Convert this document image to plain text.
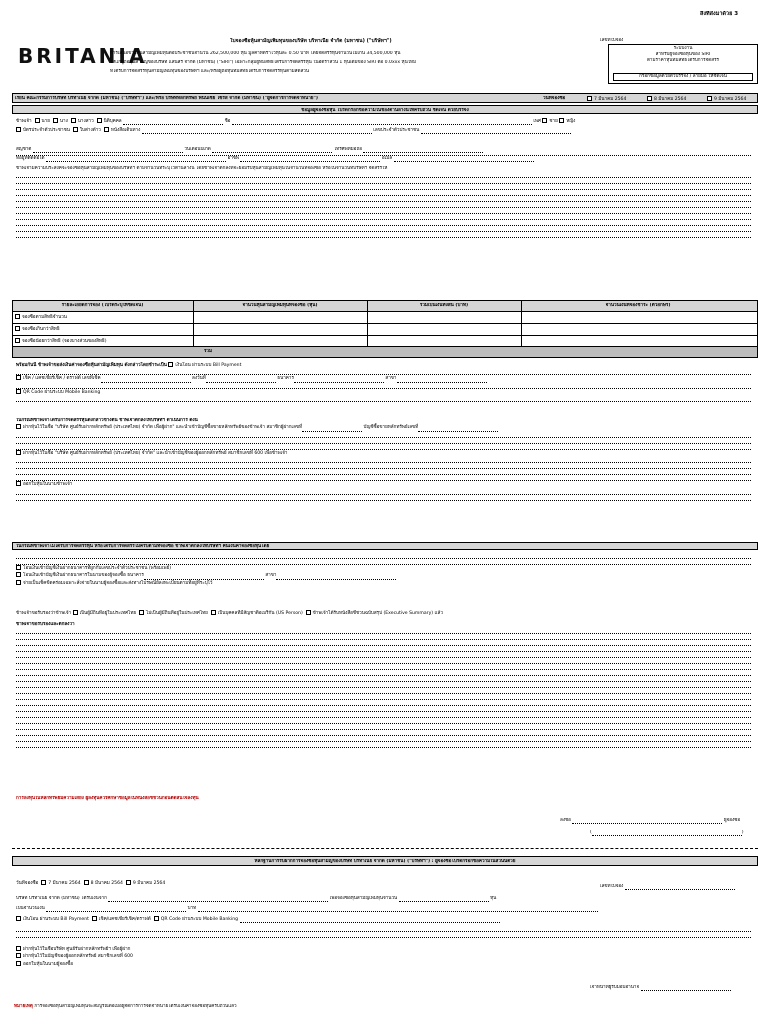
สิ่งที่ส่งมาด้วย 3
BRITANIA
ใบจองซื้อหุ้นสามัญเพิ่มทุนของบริษัท บริทาเนีย จำกัด (มหาชน) ("บริษัทฯ")	เลขที่ใบจอง
การเสนอขายหุ้นสามัญเพิ่มทุนต่อประชาชนจำนวน 262,500,000 หุ้น มูลค่าที่ตราไว้หุ้นละ 0.50 บาท โดยจัดสรรหุ้นจำนวนไม่เกิน 34,500,000 หุ้น
ให้แก่ผู้ถือหุ้นสามัญของบริษัท แสนสิริ จำกัด (มหาชน) ("SIRI") เฉพาะกลุ่มผู้ที่มีสิทธิได้รับการจัดสรรหุ้น ในอัตราส่วน 1 หุ้นเดิมของ SIRI ต่อ 0.0xxx หุ้นใหม่
ที่ได้รับการจัดสรรหุ้นสามัญเพิ่มทุนของบริษัทฯ และ/หรือผู้ถือหุ้นที่มีสิทธิได้รับการจัดสรรหุ้นตามสัดส่วน
ระบบงาน
สำหรับผู้จองซื้อหุ้นของ SIRI
ตามราคาหุ้นที่มีสิทธิได้รับการจัดสรร
กรอกข้อมูลด้วยตัวบรรจง / ลายมือ ให้ชัดเจน
เรียน คณะกรรมการบริษัท บริทาเนีย จำกัด (มหาชน) ("บริษัทฯ") และ/หรือ บริษัทหลักทรัพย์ ฟินันเซีย ไซรัส จำกัด (มหาชน) ("ผู้จัดการการจัดจำหน่าย")	วันที่จองซื้อ	7 มีนาคม 2564	8 มีนาคม 2564	9 มีนาคม 2564
ข้อมูลผู้จองซื้อหุ้น โปรดกรอกข้อความในช่องด้านล่างนี้ให้ครบถ้วน ชัดเจน ด้วยบรรจง
ข้าพเจ้า นาย นาง นางสาว นิติบุคคล	ชื่อ	เพศ ชาย หญิง
บัตรประจำตัวประชาชน ใบต่างด้าว หนังสือเดินทาง	เลขประจำตัวประชาชน
สัญชาติ	วันเดือนปีเกิด	โทรศัพท์มือถือ
ที่อยู่ที่ติดต่อได้	อาชีพ	อีเมล
ข้าพเจ้ามีความประสงค์จะจองซื้อหุ้นสามัญเพิ่มทุนของบริษัทฯ ตามจำนวนที่ระบุไว้ด้านล่างนี้ โดยข้าพเจ้าตกลงที่จะยอมรับหุ้นสามัญเพิ่มทุนในจำนวนที่จองซื้อ หรือในจำนวนที่บริษัทฯ จัดสรรให้
รายละเอียดการจอง (โปรดระบุให้ชัดเจน)	จำนวนหุ้นสามัญเพิ่มทุนที่จองซื้อ (หุ้น)	รวมเป็นเงินทั้งสิ้น (บาท)	จำนวนเงินที่จองชำระ (ตัวอักษร)
จองซื้อตามสิทธิจำนวน
จองซื้อเกินกว่าสิทธิ
จองซื้อน้อยกว่าสิทธิ (จองบางส่วนของสิทธิ)
รวม
พร้อมกันนี้ ข้าพเจ้าขอส่งเงินค่าจองซื้อหุ้นสามัญเพิ่มทุน ดังกล่าวโดยชำระเป็น เงินโอน ผ่านระบบ Bill Payment
เช็ค / แคชเชียร์เช็ค / ดราฟต์ เลขที่เช็ค	ลงวันที่	ธนาคาร	สาขา
QR Code ผ่านระบบ Mobile Banking
ในกรณีที่ข้าพเจ้าได้รับการจัดสรรหุ้นดังกล่าวข้างต้น ข้าพเจ้าตกลงให้บริษัทฯ ดำเนินการ ดังนี้
ฝากหุ้นไว้ในชื่อ "บริษัท ศูนย์รับฝากหลักทรัพย์ (ประเทศไทย) จำกัด เพื่อผู้ฝาก" และนำเข้าบัญชีซื้อขายหลักทรัพย์ของข้าพเจ้า สมาชิกผู้ฝากเลขที่	บัญชีซื้อขายหลักทรัพย์เลขที่
ฝากหุ้นไว้ในชื่อ "บริษัท ศูนย์รับฝากหลักทรัพย์ (ประเทศไทย) จำกัด" และนำเข้าบัญชีของผู้ออกหลักทรัพย์ สมาชิกเลขที่ 600 เพื่อข้าพเจ้า
ออกใบหุ้นในนามข้าพเจ้า
ในกรณีที่ข้าพเจ้าไม่ได้รับการจัดสรรหุ้น หรือได้รับการจัดสรรไม่ครบตามที่จองซื้อ ข้าพเจ้าตกลงให้บริษัทฯ คืนเงินค่าจองซื้อหุ้นโดย
โอนเงินเข้าบัญชีเงินฝากธนาคารที่ผูกกับเลขประจำตัวประชาชน (พร้อมเพย์)
โอนเงินเข้าบัญชีเงินฝากธนาคารในนามของผู้จองซื้อ ธนาคาร	สาขา
จ่ายเป็นเช็คขีดคร่อมเฉพาะสั่งจ่ายในนามผู้จองซื้อและส่งทางไปรษณีย์ลงทะเบียนตามที่อยู่ที่ระบุไว้
ข้าพเจ้าขอรับรองว่าข้าพเจ้า เป็นผู้มีถิ่นที่อยู่ในประเทศไทย ไม่เป็นผู้มีถิ่นที่อยู่ในประเทศไทย เป็นบุคคลที่มีสัญชาติอเมริกัน (US Person) ข้าพเจ้าได้รับหนังสือชี้ชวนฉบับสรุป (Executive Summary) แล้ว
ข้าพเจ้าขอรับรองและตกลงว่า
การลงทุนในหลักทรัพย์มีความเสี่ยง ผู้ลงทุนควรศึกษาข้อมูลในหนังสือชี้ชวนก่อนตัดสินใจลงทุน
ลงชื่อ	ผู้จองซื้อ
(	)
หลักฐานการรับฝากการจองซื้อหุ้นสามัญของบริษัท บริทาเนีย จำกัด (มหาชน) ("บริษัทฯ") : ผู้จองซื้อโปรดกรอกข้อความในส่วนนี้ด้วย
วันที่จองซื้อ 7 มีนาคม 2564 8 มีนาคม 2564 9 มีนาคม 2564
เลขที่ใบจอง
บริษัท บริทาเนีย จำกัด (มหาชน) ได้รับเงินจาก	เพื่อจองซื้อหุ้นสามัญเพิ่มทุนจำนวน	หุ้น
เป็นจำนวนเงิน	บาท
เงินโอน ผ่านระบบ Bill Payment เช็ค/แคชเชียร์เช็ค/ดราฟต์ QR Code ผ่านระบบ Mobile Banking
ฝากหุ้นไว้ในชื่อบริษัท ศูนย์รับฝากหลักทรัพย์ฯ เพื่อผู้ฝาก
ฝากหุ้นไว้ในบัญชีของผู้ออกหลักทรัพย์ สมาชิกเลขที่ 600
ออกใบหุ้นในนามผู้จองซื้อ
เจ้าหน้าที่ผู้รับมอบอำนาจ
หมายเหตุ การจองซื้อหุ้นสามัญเพิ่มทุนจะสมบูรณ์ต่อเมื่อผู้จัดการการจัดจำหน่ายได้รับเงินค่าจองซื้อหุ้นครบถ้วนแล้ว
